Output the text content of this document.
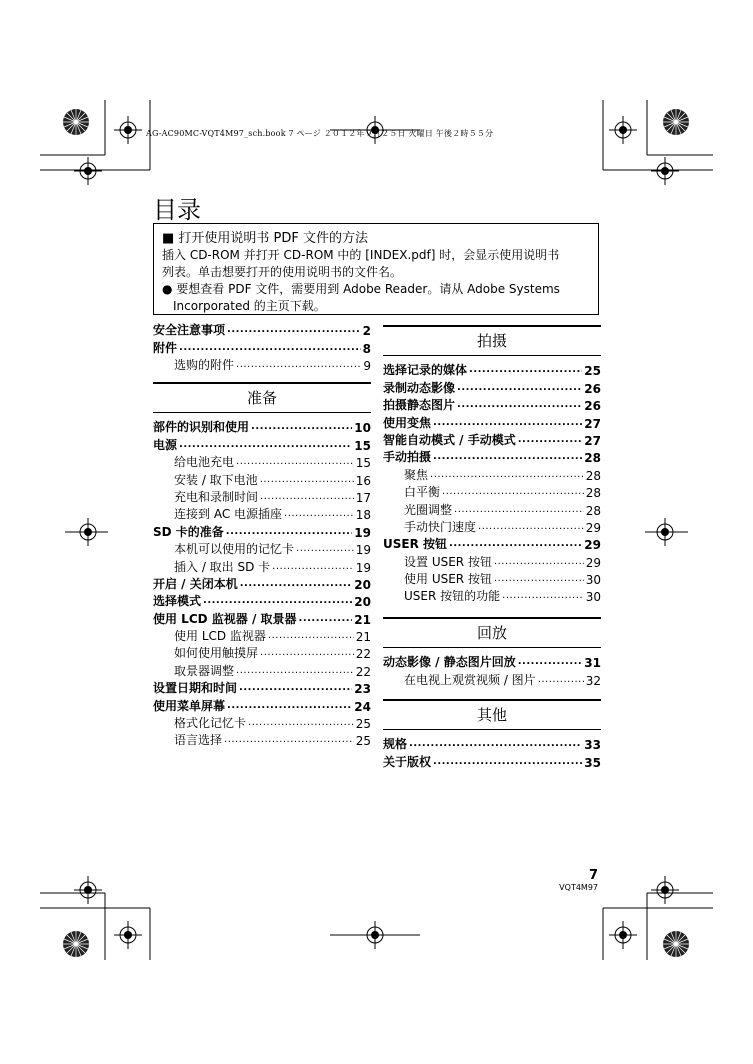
AG-AC90MC-VQT4M97_sch.book 7 ページ ２０１２年９月２５日 火曜日 午後２時５５分
目录
■ 打开使用说明书 PDF 文件的方法
插入 CD-ROM 并打开 CD-ROM 中的 [INDEX.pdf] 时，会显示使用说明书
列表。单击想要打开的使用说明书的文件名。
● 要想查看 PDF 文件，需要用到 Adobe Reader。请从 Adobe Systems
Incorporated 的主页下载。
安全注意事项 .....	2
附件 .....	8
选购的附件 .....	9
准备
部件的识别和使用 .....	10
电源 .....	15
给电池充电 .....	15
安装 / 取下电池 .....	16
充电和录制时间 .....	17
连接到 AC 电源插座 .....	18
SD 卡的准备 .....	19
本机可以使用的记忆卡 .....	19
插入 / 取出 SD 卡 .....	19
开启 / 关闭本机 .....	20
选择模式 .....	20
使用 LCD 监视器 / 取景器 .....	21
使用 LCD 监视器 .....	21
如何使用触摸屏 .....	22
取景器调整 .....	22
设置日期和时间 .....	23
使用菜单屏幕 .....	24
格式化记忆卡 .....	25
语言选择 .....	25
拍摄
选择记录的媒体 .....	25
录制动态影像 .....	26
拍摄静态图片 .....	26
使用变焦 .....	27
智能自动模式 / 手动模式 .....	27
手动拍摄 .....	28
聚焦 .....	28
白平衡 .....	28
光圈调整 .....	28
手动快门速度 .....	29
USER 按钮 .....	29
设置 USER 按钮 .....	29
使用 USER 按钮 .....	30
USER 按钮的功能 .....	30
回放
动态影像 / 静态图片回放 .....	31
在电视上观赏视频 / 图片 .....	32
其他
规格 .....	33
关于版权 .....	35
7
VQT4M97
